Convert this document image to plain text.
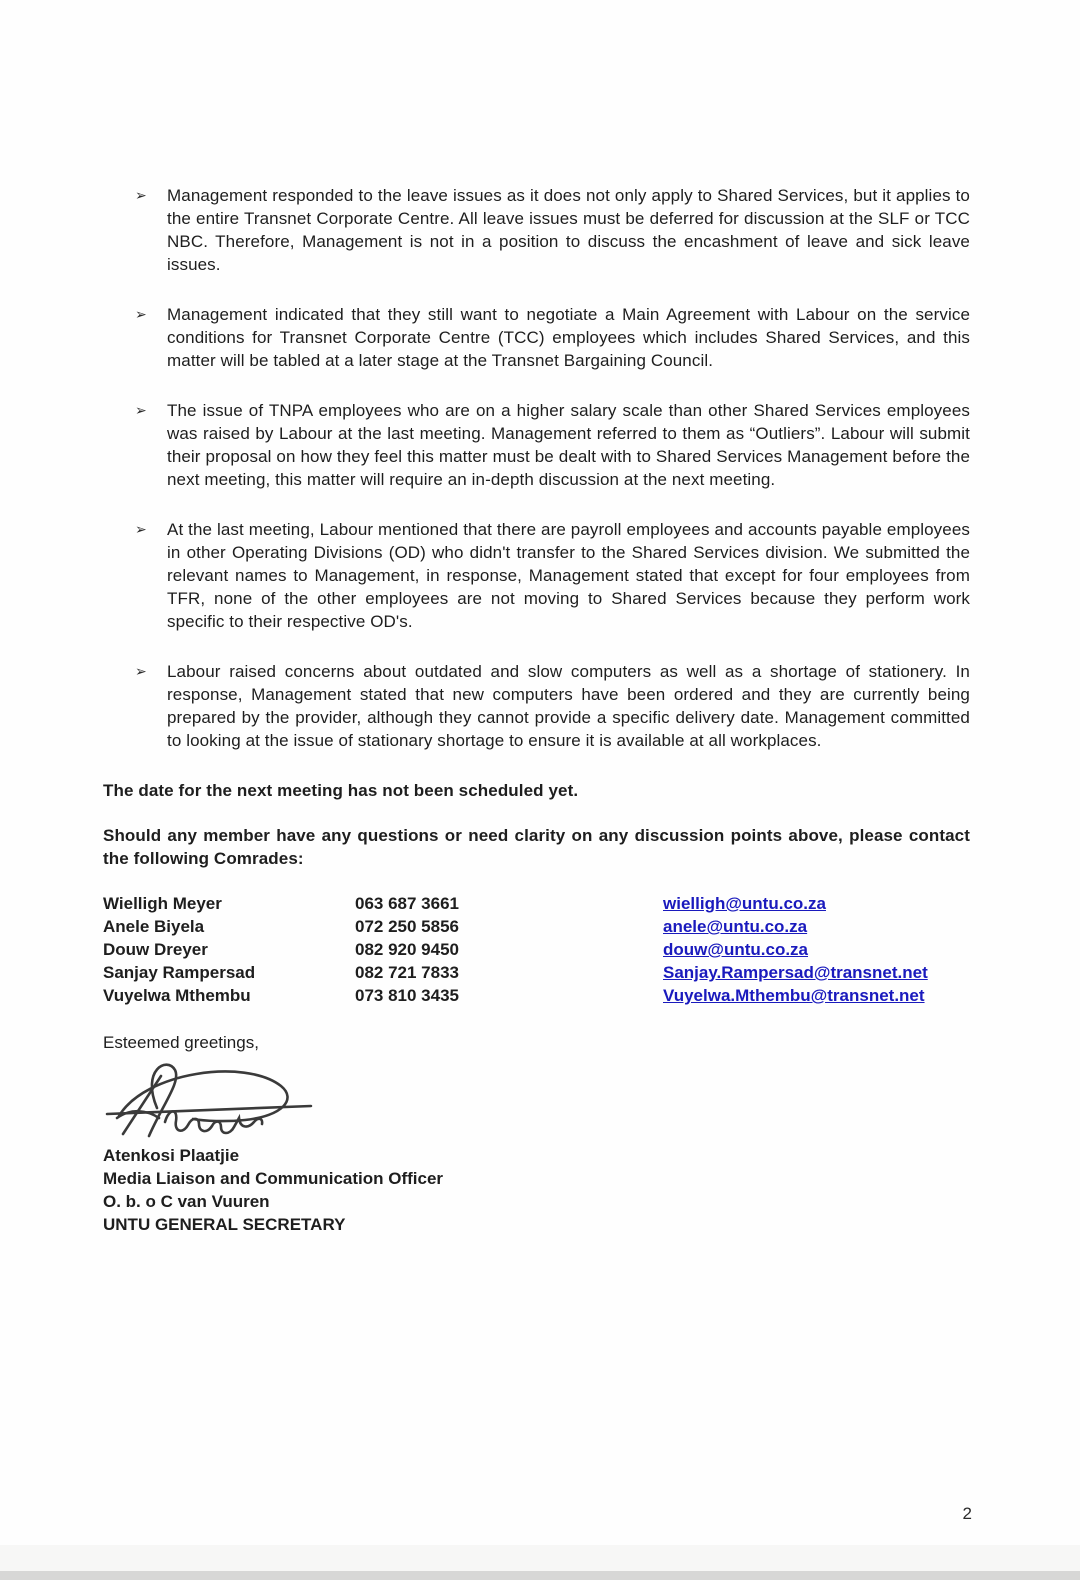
➢	Management responded to the leave issues as it does not only apply to Shared Services, but it applies to the entire Transnet Corporate Centre. All leave issues must be deferred for discussion at the SLF or TCC NBC. Therefore, Management is not in a position to discuss the encashment of leave and sick leave issues.
➢	Management indicated that they still want to negotiate a Main Agreement with Labour on the service conditions for Transnet Corporate Centre (TCC) employees which includes Shared Services, and this matter will be tabled at a later stage at the Transnet Bargaining Council.
➢	The issue of TNPA employees who are on a higher salary scale than other Shared Services employees was raised by Labour at the last meeting. Management referred to them as “Outliers”. Labour will submit their proposal on how they feel this matter must be dealt with to Shared Services Management before the next meeting, this matter will require an in-depth discussion at the next meeting.
➢	At the last meeting, Labour mentioned that there are payroll employees and accounts payable employees in other Operating Divisions (OD) who didn't transfer to the Shared Services division. We submitted the relevant names to Management, in response, Management stated that except for four employees from TFR, none of the other employees are not moving to Shared Services because they perform work specific to their respective OD's.
➢	Labour raised concerns about outdated and slow computers as well as a shortage of stationery. In response, Management stated that new computers have been ordered and they are currently being prepared by the provider, although they cannot provide a specific delivery date. Management committed to looking at the issue of stationary shortage to ensure it is available at all workplaces.

The date for the next meeting has not been scheduled yet.

Should any member have any questions or need clarity on any discussion points above, please contact the following Comrades:

Wielligh Meyer	063 687 3661	wielligh@untu.co.za
Anele Biyela	072 250 5856	anele@untu.co.za
Douw Dreyer	082 920 9450	douw@untu.co.za
Sanjay Rampersad	082 721 7833	Sanjay.Rampersad@transnet.net
Vuyelwa Mthembu	073 810 3435	Vuyelwa.Mthembu@transnet.net

Esteemed greetings,

Atenkosi Plaatjie
Media Liaison and Communication Officer
O. b. o C van Vuuren
UNTU GENERAL SECRETARY
2
